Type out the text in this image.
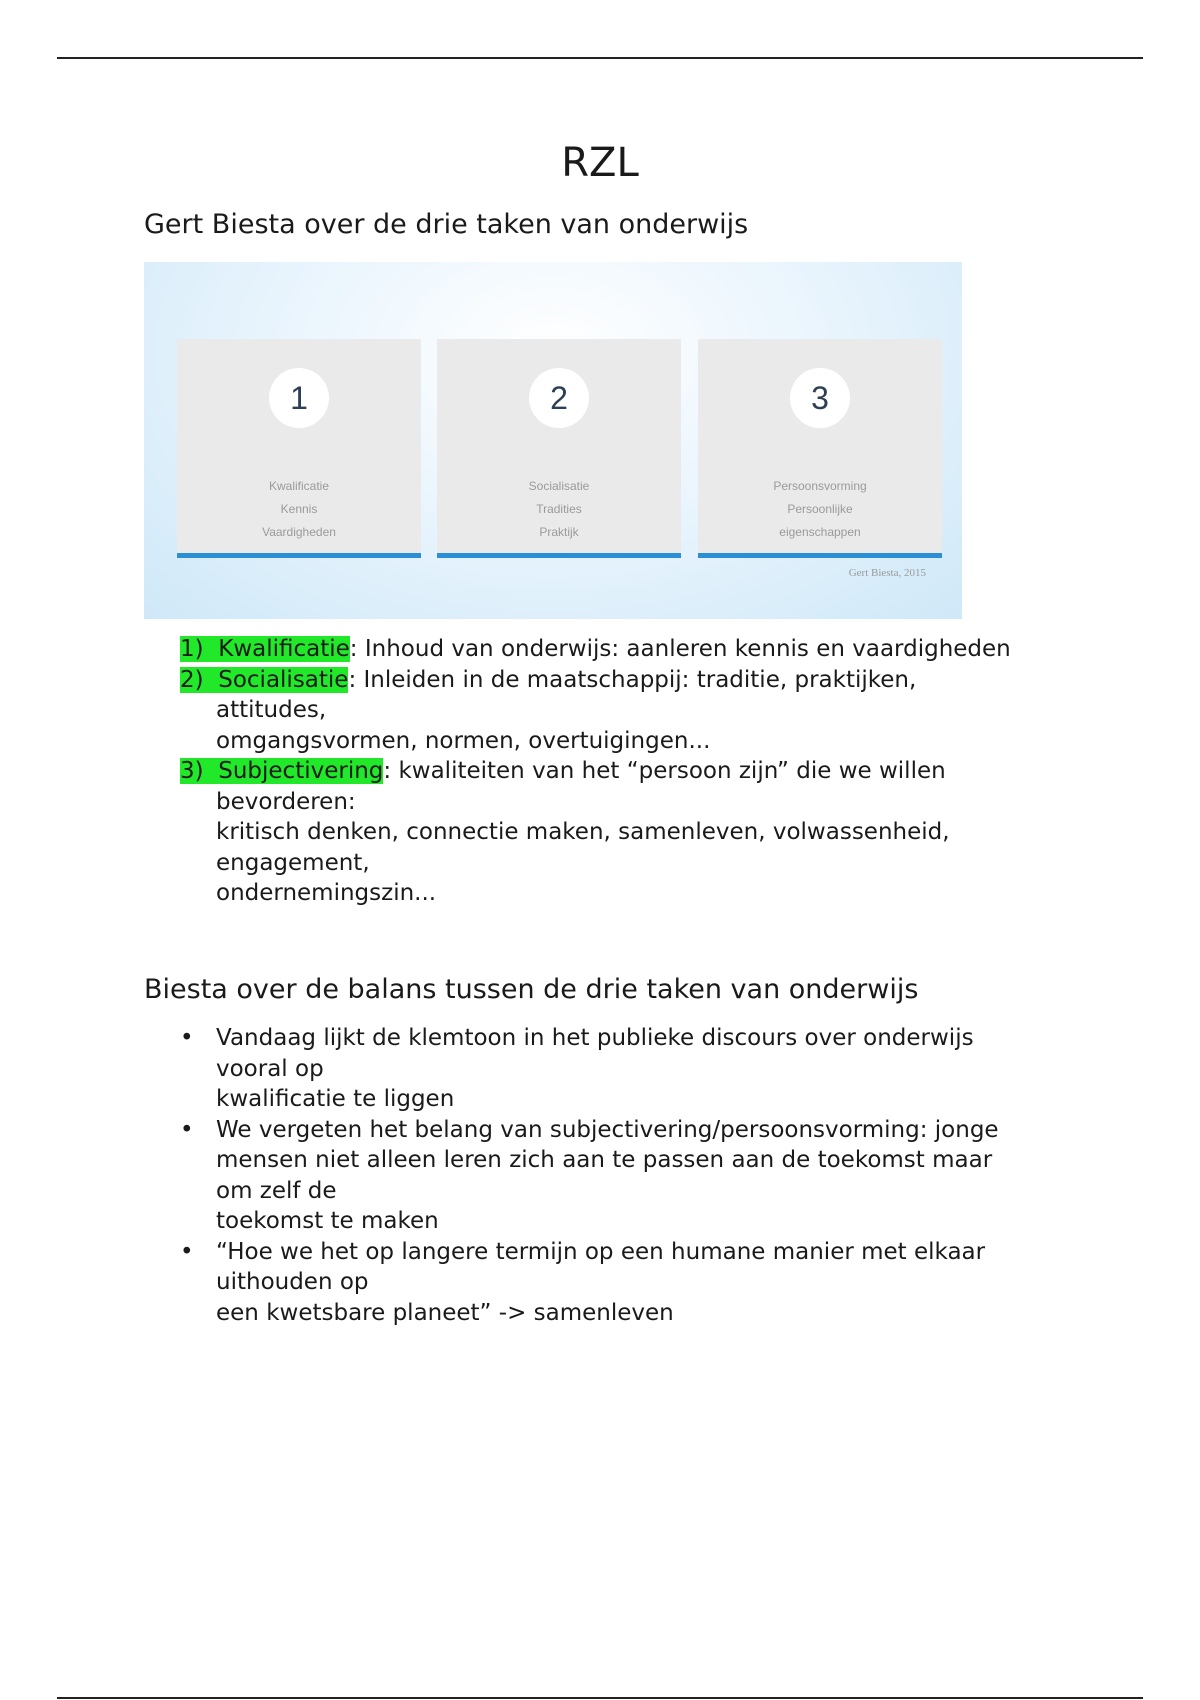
RZL
Gert Biesta over de drie taken van onderwijs
1
Kwalificatie
Kennis
Vaardigheden
2
Socialisatie
Tradities
Praktijk
3
Persoonsvorming
Persoonlijke
eigenschappen
Gert Biesta, 2015
1) Kwalificatie: Inhoud van onderwijs: aanleren kennis en vaardigheden
2) Socialisatie: Inleiden in de maatschappij: traditie, praktijken,
attitudes,
omgangsvormen, normen, overtuigingen...
3) Subjectivering: kwaliteiten van het “persoon zijn” die we willen
bevorderen:
kritisch denken, connectie maken, samenleven, volwassenheid,
engagement,
ondernemingszin...
Biesta over de balans tussen de drie taken van onderwijs
• Vandaag lijkt de klemtoon in het publieke discours over onderwijs
vooral op
kwalificatie te liggen
• We vergeten het belang van subjectivering/persoonsvorming: jonge
mensen niet alleen leren zich aan te passen aan de toekomst maar
om zelf de
toekomst te maken
• “Hoe we het op langere termijn op een humane manier met elkaar
uithouden op
een kwetsbare planeet” -> samenleven
